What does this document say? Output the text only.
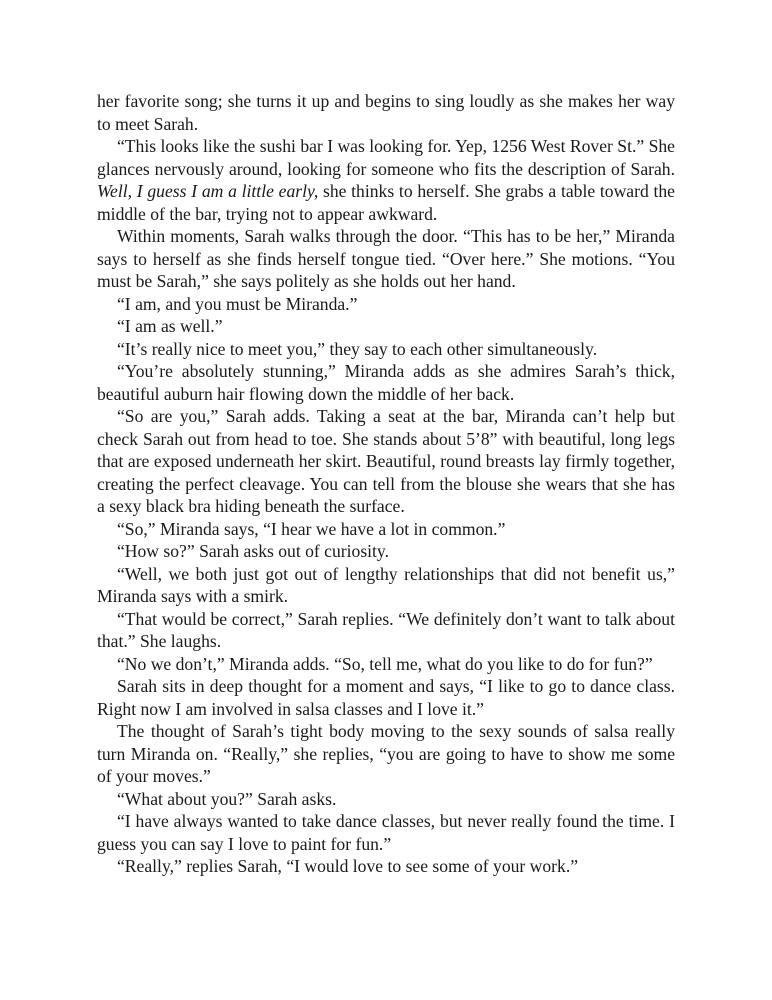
her favorite song; she turns it up and begins to sing loudly as she makes her way to meet Sarah.

“This looks like the sushi bar I was looking for. Yep, 1256 West Rover St.” She glances nervously around, looking for someone who fits the description of Sarah. Well, I guess I am a little early, she thinks to herself. She grabs a table toward the middle of the bar, trying not to appear awkward.

Within moments, Sarah walks through the door. “This has to be her,” Miranda says to herself as she finds herself tongue tied. “Over here.” She motions. “You must be Sarah,” she says politely as she holds out her hand.

“I am, and you must be Miranda.”

“I am as well.”

“It’s really nice to meet you,” they say to each other simultaneously.

“You’re absolutely stunning,” Miranda adds as she admires Sarah’s thick, beautiful auburn hair flowing down the middle of her back.

“So are you,” Sarah adds. Taking a seat at the bar, Miranda can’t help but check Sarah out from head to toe. She stands about 5’8” with beautiful, long legs that are exposed underneath her skirt. Beautiful, round breasts lay firmly together, creating the perfect cleavage. You can tell from the blouse she wears that she has a sexy black bra hiding beneath the surface.

“So,” Miranda says, “I hear we have a lot in common.”

“How so?” Sarah asks out of curiosity.

“Well, we both just got out of lengthy relationships that did not benefit us,” Miranda says with a smirk.

“That would be correct,” Sarah replies. “We definitely don’t want to talk about that.” She laughs.

“No we don’t,” Miranda adds. “So, tell me, what do you like to do for fun?”

Sarah sits in deep thought for a moment and says, “I like to go to dance class. Right now I am involved in salsa classes and I love it.”

The thought of Sarah’s tight body moving to the sexy sounds of salsa really turn Miranda on. “Really,” she replies, “you are going to have to show me some of your moves.”

“What about you?” Sarah asks.

“I have always wanted to take dance classes, but never really found the time. I guess you can say I love to paint for fun.”

“Really,” replies Sarah, “I would love to see some of your work.”
